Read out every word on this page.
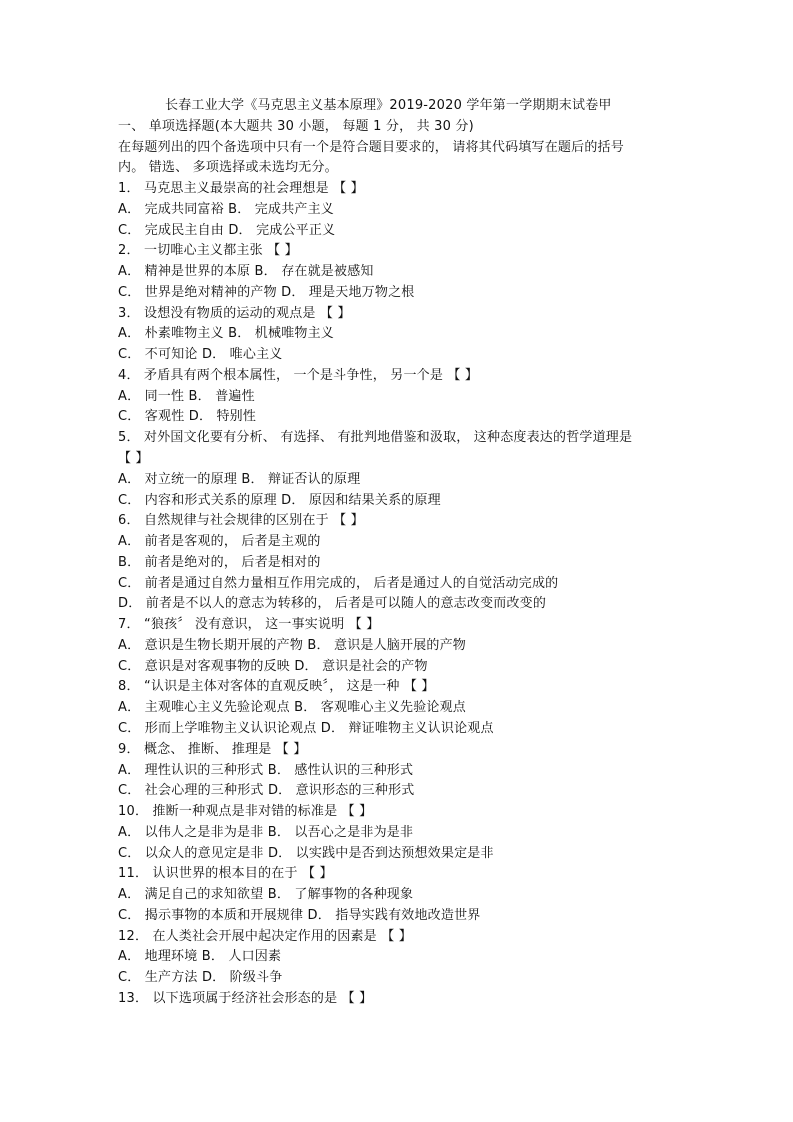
长春工业大学《马克思主义基本原理》2019-2020 学年第一学期期末试卷甲
一、 单项选择题(本大题共 30 小题， 每题 1 分， 共 30 分)
在每题列出的四个备选项中只有一个是符合题目要求的， 请将其代码填写在题后的括号
内。 错选、 多项选择或未选均无分。
1． 马克思主义最崇高的社会理想是 【 】
A． 完成共同富裕 B． 完成共产主义
C． 完成民主自由 D． 完成公平正义
2． 一切唯心主义都主张 【 】
A． 精神是世界的本原 B． 存在就是被感知
C． 世界是绝对精神的产物 D． 理是天地万物之根
3． 设想没有物质的运动的观点是 【 】
A． 朴素唯物主义 B． 机械唯物主义
C． 不可知论 D． 唯心主义
4． 矛盾具有两个根本属性， 一个是斗争性， 另一个是 【 】
A． 同一性 B． 普遍性
C． 客观性 D． 特别性
5． 对外国文化要有分析、 有选择、 有批判地借鉴和汲取， 这种态度表达的哲学道理是
【 】
A． 对立统一的原理 B． 辩证否认的原理
C． 内容和形式关系的原理 D． 原因和结果关系的原理
6． 自然规律与社会规律的区别在于 【 】
A． 前者是客观的， 后者是主观的
B． 前者是绝对的， 后者是相对的
C． 前者是通过自然力量相互作用完成的， 后者是通过人的自觉活动完成的
D． 前者是不以人的意志为转移的， 后者是可以随人的意志改变而改变的
7． “狼孩〞 没有意识， 这一事实说明 【 】
A． 意识是生物长期开展的产物 B． 意识是人脑开展的产物
C． 意识是对客观事物的反映 D． 意识是社会的产物
8． “认识是主体对客体的直观反映〞， 这是一种 【 】
A． 主观唯心主义先验论观点 B． 客观唯心主义先验论观点
C． 形而上学唯物主义认识论观点 D． 辩证唯物主义认识论观点
9． 概念、 推断、 推理是 【 】
A． 理性认识的三种形式 B． 感性认识的三种形式
C． 社会心理的三种形式 D． 意识形态的三种形式
10． 推断一种观点是非对错的标准是 【 】
A． 以伟人之是非为是非 B． 以吾心之是非为是非
C． 以众人的意见定是非 D． 以实践中是否到达预想效果定是非
11． 认识世界的根本目的在于 【 】
A． 满足自己的求知欲望 B． 了解事物的各种现象
C． 揭示事物的本质和开展规律 D． 指导实践有效地改造世界
12． 在人类社会开展中起决定作用的因素是 【 】
A． 地理环境 B． 人口因素
C． 生产方法 D． 阶级斗争
13． 以下选项属于经济社会形态的是 【 】
